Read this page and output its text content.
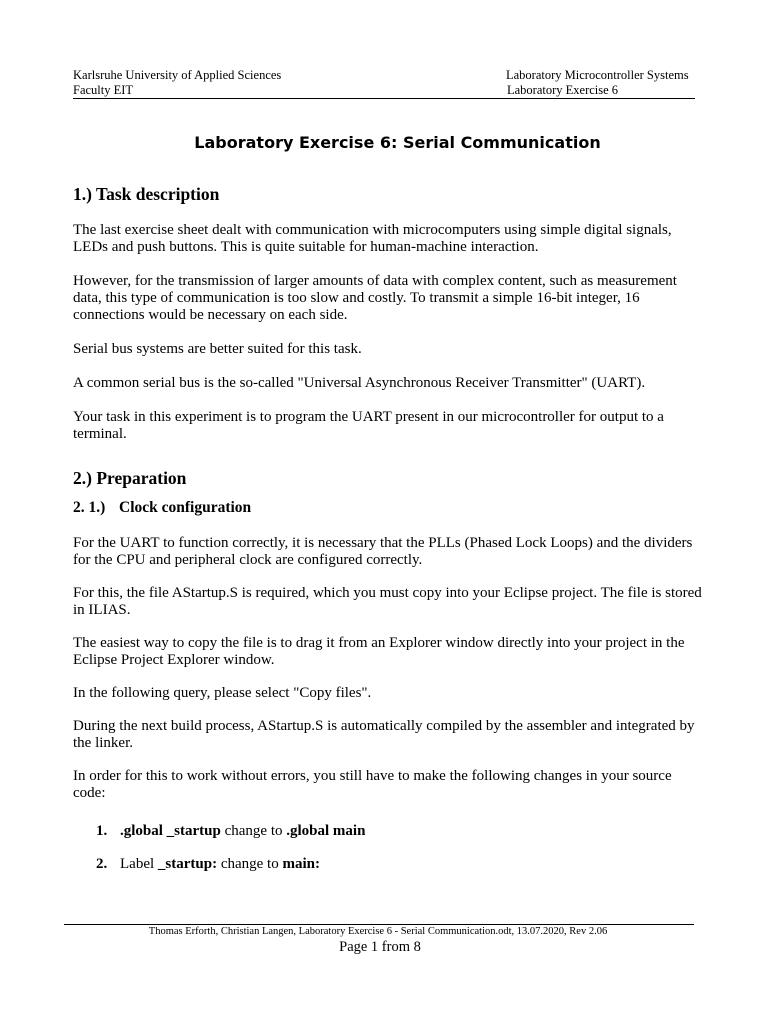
Karlsruhe University of Applied Sciences
Faculty EIT
Laboratory Microcontroller Systems
Laboratory Exercise 6
Laboratory Exercise 6: Serial Communication
1.) Task description

The last exercise sheet dealt with communication with microcomputers using simple digital signals, LEDs and push buttons. This is quite suitable for human-machine interaction.

However, for the transmission of larger amounts of data with complex content, such as measurement data, this type of communication is too slow and costly. To transmit a simple 16-bit integer, 16 connections would be necessary on each side.

Serial bus systems are better suited for this task.

A common serial bus is the so-called "Universal Asynchronous Receiver Transmitter" (UART).

Your task in this experiment is to program the UART present in our microcontroller for output to a terminal.

2.) Preparation
2. 1.) Clock configuration

For the UART to function correctly, it is necessary that the PLLs (Phased Lock Loops) and the dividers for the CPU and peripheral clock are configured correctly.

For this, the file AStartup.S is required, which you must copy into your Eclipse project. The file is stored in ILIAS.

The easiest way to copy the file is to drag it from an Explorer window directly into your project in the Eclipse Project Explorer window.

In the following query, please select "Copy files".

During the next build process, AStartup.S is automatically compiled by the assembler and integrated by the linker.

In order for this to work without errors, you still have to make the following changes in your source code:

1. .global _startup change to .global main
2. Label _startup: change to main:
Thomas Erforth, Christian Langen, Laboratory Exercise 6 - Serial Communication.odt, 13.07.2020, Rev 2.06
Page 1 from 8
